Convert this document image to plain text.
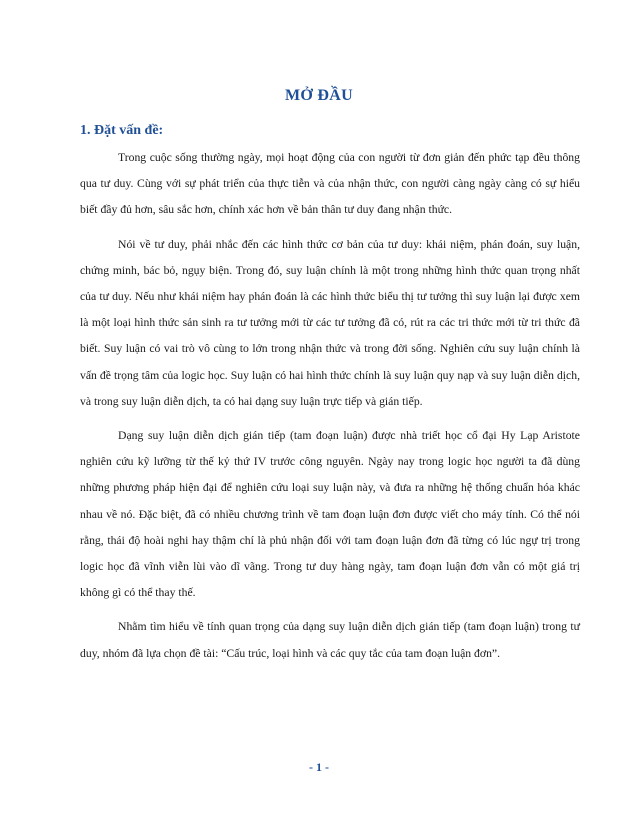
MỞ ĐẦU
1. Đặt vấn đề:

Trong cuộc sống thường ngày, mọi hoạt động của con người từ đơn giản đến phức tạp đều thông qua tư duy. Cùng với sự phát triển của thực tiễn và của nhận thức, con người càng ngày càng có sự hiểu biết đầy đủ hơn, sâu sắc hơn, chính xác hơn về bản thân tư duy đang nhận thức.

Nói về tư duy, phải nhắc đến các hình thức cơ bản của tư duy: khái niệm, phán đoán, suy luận, chứng minh, bác bỏ, ngụy biện. Trong đó, suy luận chính là một trong những hình thức quan trọng nhất của tư duy. Nếu như khái niệm hay phán đoán là các hình thức biểu thị tư tưởng thì suy luận lại được xem là một loại hình thức sản sinh ra tư tưởng mới từ các tư tưởng đã có, rút ra các tri thức mới từ tri thức đã biết. Suy luận có vai trò vô cùng to lớn trong nhận thức và trong đời sống. Nghiên cứu suy luận chính là vấn đề trọng tâm của logic học. Suy luận có hai hình thức chính là suy luận quy nạp và suy luận diễn dịch, và trong suy luận diễn dịch, ta có hai dạng suy luận trực tiếp và gián tiếp.

Dạng suy luận diễn dịch gián tiếp (tam đoạn luận) được nhà triết học cổ đại Hy Lạp Aristote nghiên cứu kỹ lưỡng từ thế kỷ thứ IV trước công nguyên. Ngày nay trong logic học người ta đã dùng những phương pháp hiện đại để nghiên cứu loại suy luận này, và đưa ra những hệ thống chuẩn hóa khác nhau về nó. Đặc biệt, đã có nhiều chương trình về tam đoạn luận đơn được viết cho máy tính. Có thể nói rằng, thái độ hoài nghi hay thậm chí là phủ nhận đối với tam đoạn luận đơn đã từng có lúc ngự trị trong logic học đã vĩnh viễn lùi vào dĩ vãng. Trong tư duy hàng ngày, tam đoạn luận đơn vẫn có một giá trị không gì có thể thay thế.

Nhằm tìm hiểu về tính quan trọng của dạng suy luận diễn dịch gián tiếp (tam đoạn luận) trong tư duy, nhóm đã lựa chọn đề tài: “Cấu trúc, loại hình và các quy tắc của tam đoạn luận đơn”.

- 1 -
